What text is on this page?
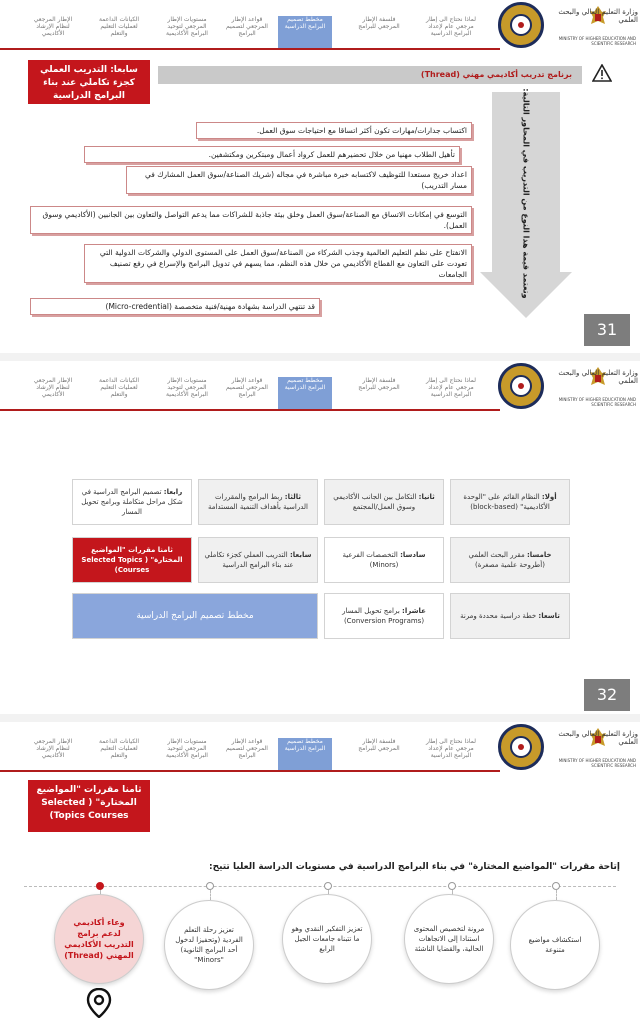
لماذا نحتاج الى إطار مرجعي عام لإعداد البرامج الدراسية
فلسفة الإطار المرجعي للبرامج
مخطط تصميم البرامج الدراسية
قواعد الإطار المرجعي لتصميم البرامج
مستويات الإطار المرجعي لتوحيد البرامج الأكاديمية
الكيانات الداعمة لعمليات التعليم والتعلم
الإطار المرجعي لنظام الإرشاد الأكاديمي
وزارة التعليم العالي والبحث العلمي
MINISTRY OF HIGHER EDUCATION AND SCIENTIFIC RESEARCH
سابعا: التدريب العملي كجزء تكاملي عند بناء البرامج الدراسية
برنامج تدريب أكاديمي مهني (Thread)
وتعتمد قيمة هذا النوع من التدريب في المحاور التالية:
اكتساب جدارات/مهارات تكون أكثر اتساقا مع احتياجات سوق العمل.
تأهيل الطلاب مهنيا من خلال تحضيرهم للعمل كرواد أعمال ومبتكرين ومكتشفين.
اعداد خريج مستعدا للتوظيف لاكتسابه خبرة مباشرة في مجاله (شريك الصناعة/سوق العمل المشارك في مسار التدريب)
التوسع في إمكانات الاتساق مع الصناعة/سوق العمل وخلق بيئة جاذبة للشراكات مما يدعم التواصل والتعاون بين الجانبين (الأكاديمي وسوق العمل).
الانفتاح على نظم التعليم العالمية وجذب الشركاء من الصناعة/سوق العمل على المستوى الدولي والشركات الدولية التي تعودت على التعاون مع القطاع الأكاديمي من خلال هذه النظم، مما يسهم في تدويل البرامج والإسراع في رفع تصنيف الجامعات
قد تنتهي الدراسة بشهادة مهنية/فنية متخصصة (Micro-credential)
31
لماذا نحتاج الى إطار مرجعي عام لإعداد البرامج الدراسية
فلسفة الإطار المرجعي للبرامج
مخطط تصميم البرامج الدراسية
قواعد الإطار المرجعي لتصميم البرامج
مستويات الإطار المرجعي لتوحيد البرامج الأكاديمية
الكيانات الداعمة لعمليات التعليم والتعلم
الإطار المرجعي لنظام الإرشاد الأكاديمي
وزارة التعليم العالي والبحث العلمي
MINISTRY OF HIGHER EDUCATION AND SCIENTIFIC RESEARCH
أولا: النظام القائم على "الوحدة الأكاديمية" (block-based)
ثانيا: التكامل بين الجانب الأكاديمي وسوق العمل/المجتمع
ثالثا: ربط البرامج والمقررات الدراسية بأهداف التنمية المستدامة
رابعا: تصميم البرامج الدراسية في شكل مراحل متكاملة وبرامج تحويل المسار
خامسا: مقرر البحث العلمي (أطروحة علمية مصغرة)
سادسا: التخصصات الفرعية (Minors)
سابعا: التدريب العملي كجزء تكاملي عند بناء البرامج الدراسية
ثامنا مقررات "المواضيع المختارة" ( Selected Topics Courses)
تاسعا: خطة دراسية محددة ومرنة
عاشرا: برامج تحويل المسار (Conversion Programs)
مخطط تصميم البرامج الدراسية
32
لماذا نحتاج الى إطار مرجعي عام لإعداد البرامج الدراسية
فلسفة الإطار المرجعي للبرامج
مخطط تصميم البرامج الدراسية
قواعد الإطار المرجعي لتصميم البرامج
مستويات الإطار المرجعي لتوحيد البرامج الأكاديمية
الكيانات الداعمة لعمليات التعليم والتعلم
الإطار المرجعي لنظام الإرشاد الأكاديمي
وزارة التعليم العالي والبحث العلمي
MINISTRY OF HIGHER EDUCATION AND SCIENTIFIC RESEARCH
ثامنا مقررات "المواضيع المختارة" ( Selected Topics Courses)
إتاحة مقررات "المواضيع المختارة" في بناء البرامج الدراسية في مستويات الدراسة العليا تتيح:
استكشاف مواضيع متنوعة
مرونة لتخصيص المحتوى استنادا إلى الاتجاهات الحالية، والقضايا الناشئة
تعزيز التفكير النقدي وهو ما تتبناه جامعات الجيل الرابع
تعزيز رحلة التعلم الفردية (وتحفيزا لدخول أحد البرامج الثانوية) "Minors"
وعاء أكاديمي لدعم برامج التدريب الأكاديمي المهني (Thread)
